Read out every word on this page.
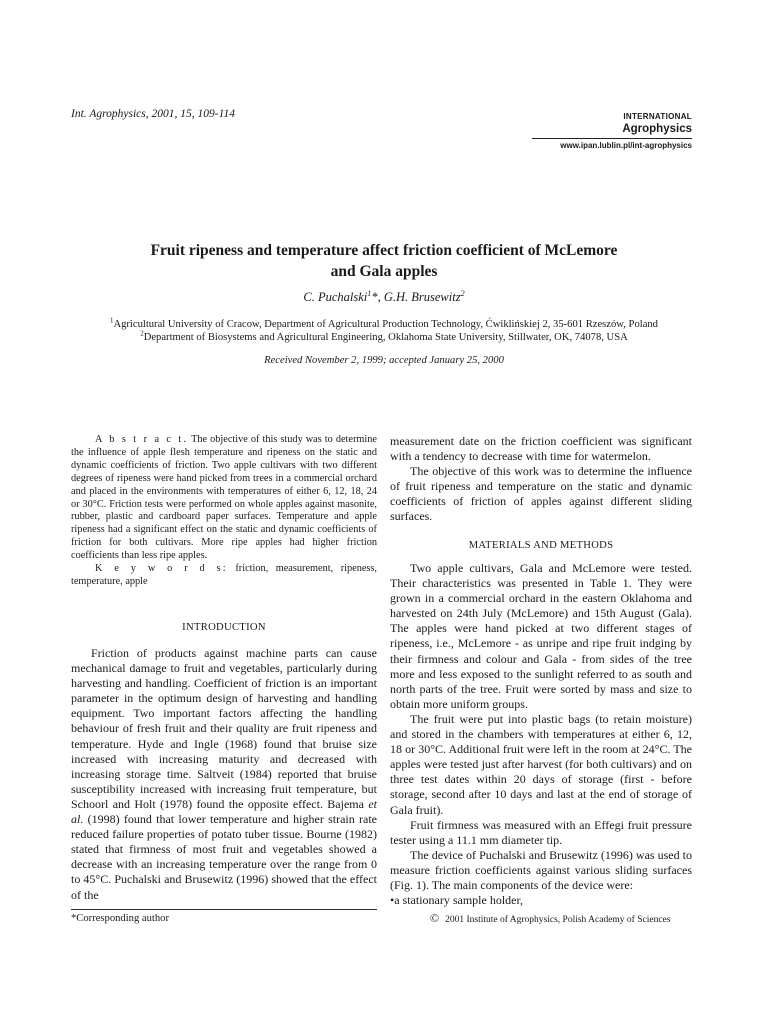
Int. Agrophysics, 2001, 15, 109-114	INTERNATIONAL
Agrophysics
www.ipan.lublin.pl/int-agrophysics
Fruit ripeness and temperature affect friction coefficient of McLemore
and Gala apples
C. Puchalski$^1$*, G.H. Brusewitz$^2$
$^1$Agricultural University of Cracow, Department of Agricultural Production Technology, Ćwiklińskiej 2, 35-601 Rzeszów, Poland
$^2$Department of Biosystems and Agricultural Engineering, Oklahoma State University, Stillwater, OK, 74078, USA
Received November 2, 1999; accepted January 25, 2000

A b s t r a c t. The objective of this study was to determine the influence of apple flesh temperature and ripeness on the static and dynamic coefficients of friction. Two apple cultivars with two different degrees of ripeness were hand picked from trees in a commercial orchard and placed in the environments with temperatures of either 6, 12, 18, 24 or 30°C. Friction tests were performed on whole apples against masonite, rubber, plastic and cardboard paper surfaces. Temperature and apple ripeness had a significant effect on the static and dynamic coefficients of friction for both cultivars. More ripe apples had higher friction coefficients than less ripe apples.

K e y w o r d s: friction, measurement, ripeness, temperature, apple

INTRODUCTION

Friction of products against machine parts can cause mechanical damage to fruit and vegetables, particularly during harvesting and handling. Coefficient of friction is an important parameter in the optimum design of harvesting and handling equipment. Two important factors affecting the handling behaviour of fresh fruit and their quality are fruit ripeness and temperature. Hyde and Ingle (1968) found that bruise size increased with increasing maturity and decreased with increasing storage time. Saltveit (1984) reported that bruise susceptibility increased with increasing fruit temperature, but Schoorl and Holt (1978) found the opposite effect. Bajema et al. (1998) found that lower temperature and higher strain rate reduced failure properties of potato tuber tissue. Bourne (1982) stated that firmness of most fruit and vegetables showed a decrease with an increasing temperature over the range from 0 to 45°C. Puchalski and Brusewitz (1996) showed that the effect of the

measurement date on the friction coefficient was significant with a tendency to decrease with time for watermelon.

The objective of this work was to determine the influence of fruit ripeness and temperature on the static and dynamic coefficients of friction of apples against different sliding surfaces.

MATERIALS AND METHODS

Two apple cultivars, Gala and McLemore were tested. Their characteristics was presented in Table 1. They were grown in a commercial orchard in the eastern Oklahoma and harvested on 24th July (McLemore) and 15th August (Gala). The apples were hand picked at two different stages of ripeness, i.e., McLemore - as unripe and ripe fruit indging by their firmness and colour and Gala - from sides of the tree more and less exposed to the sunlight referred to as south and north parts of the tree. Fruit were sorted by mass and size to obtain more uniform groups.

The fruit were put into plastic bags (to retain moisture) and stored in the chambers with temperatures at either 6, 12, 18 or 30°C. Additional fruit were left in the room at 24°C. The apples were tested just after harvest (for both cultivars) and on three test dates within 20 days of storage (first - before storage, second after 10 days and last at the end of storage of Gala fruit).

Fruit firmness was measured with an Effegi fruit pressure tester using a 11.1 mm diameter tip.

The device of Puchalski and Brusewitz (1996) was used to measure friction coefficients against various sliding surfaces (Fig. 1). The main components of the device were:

•a stationary sample holder,

*Corresponding author	© 2001 Institute of Agrophysics, Polish Academy of Sciences
